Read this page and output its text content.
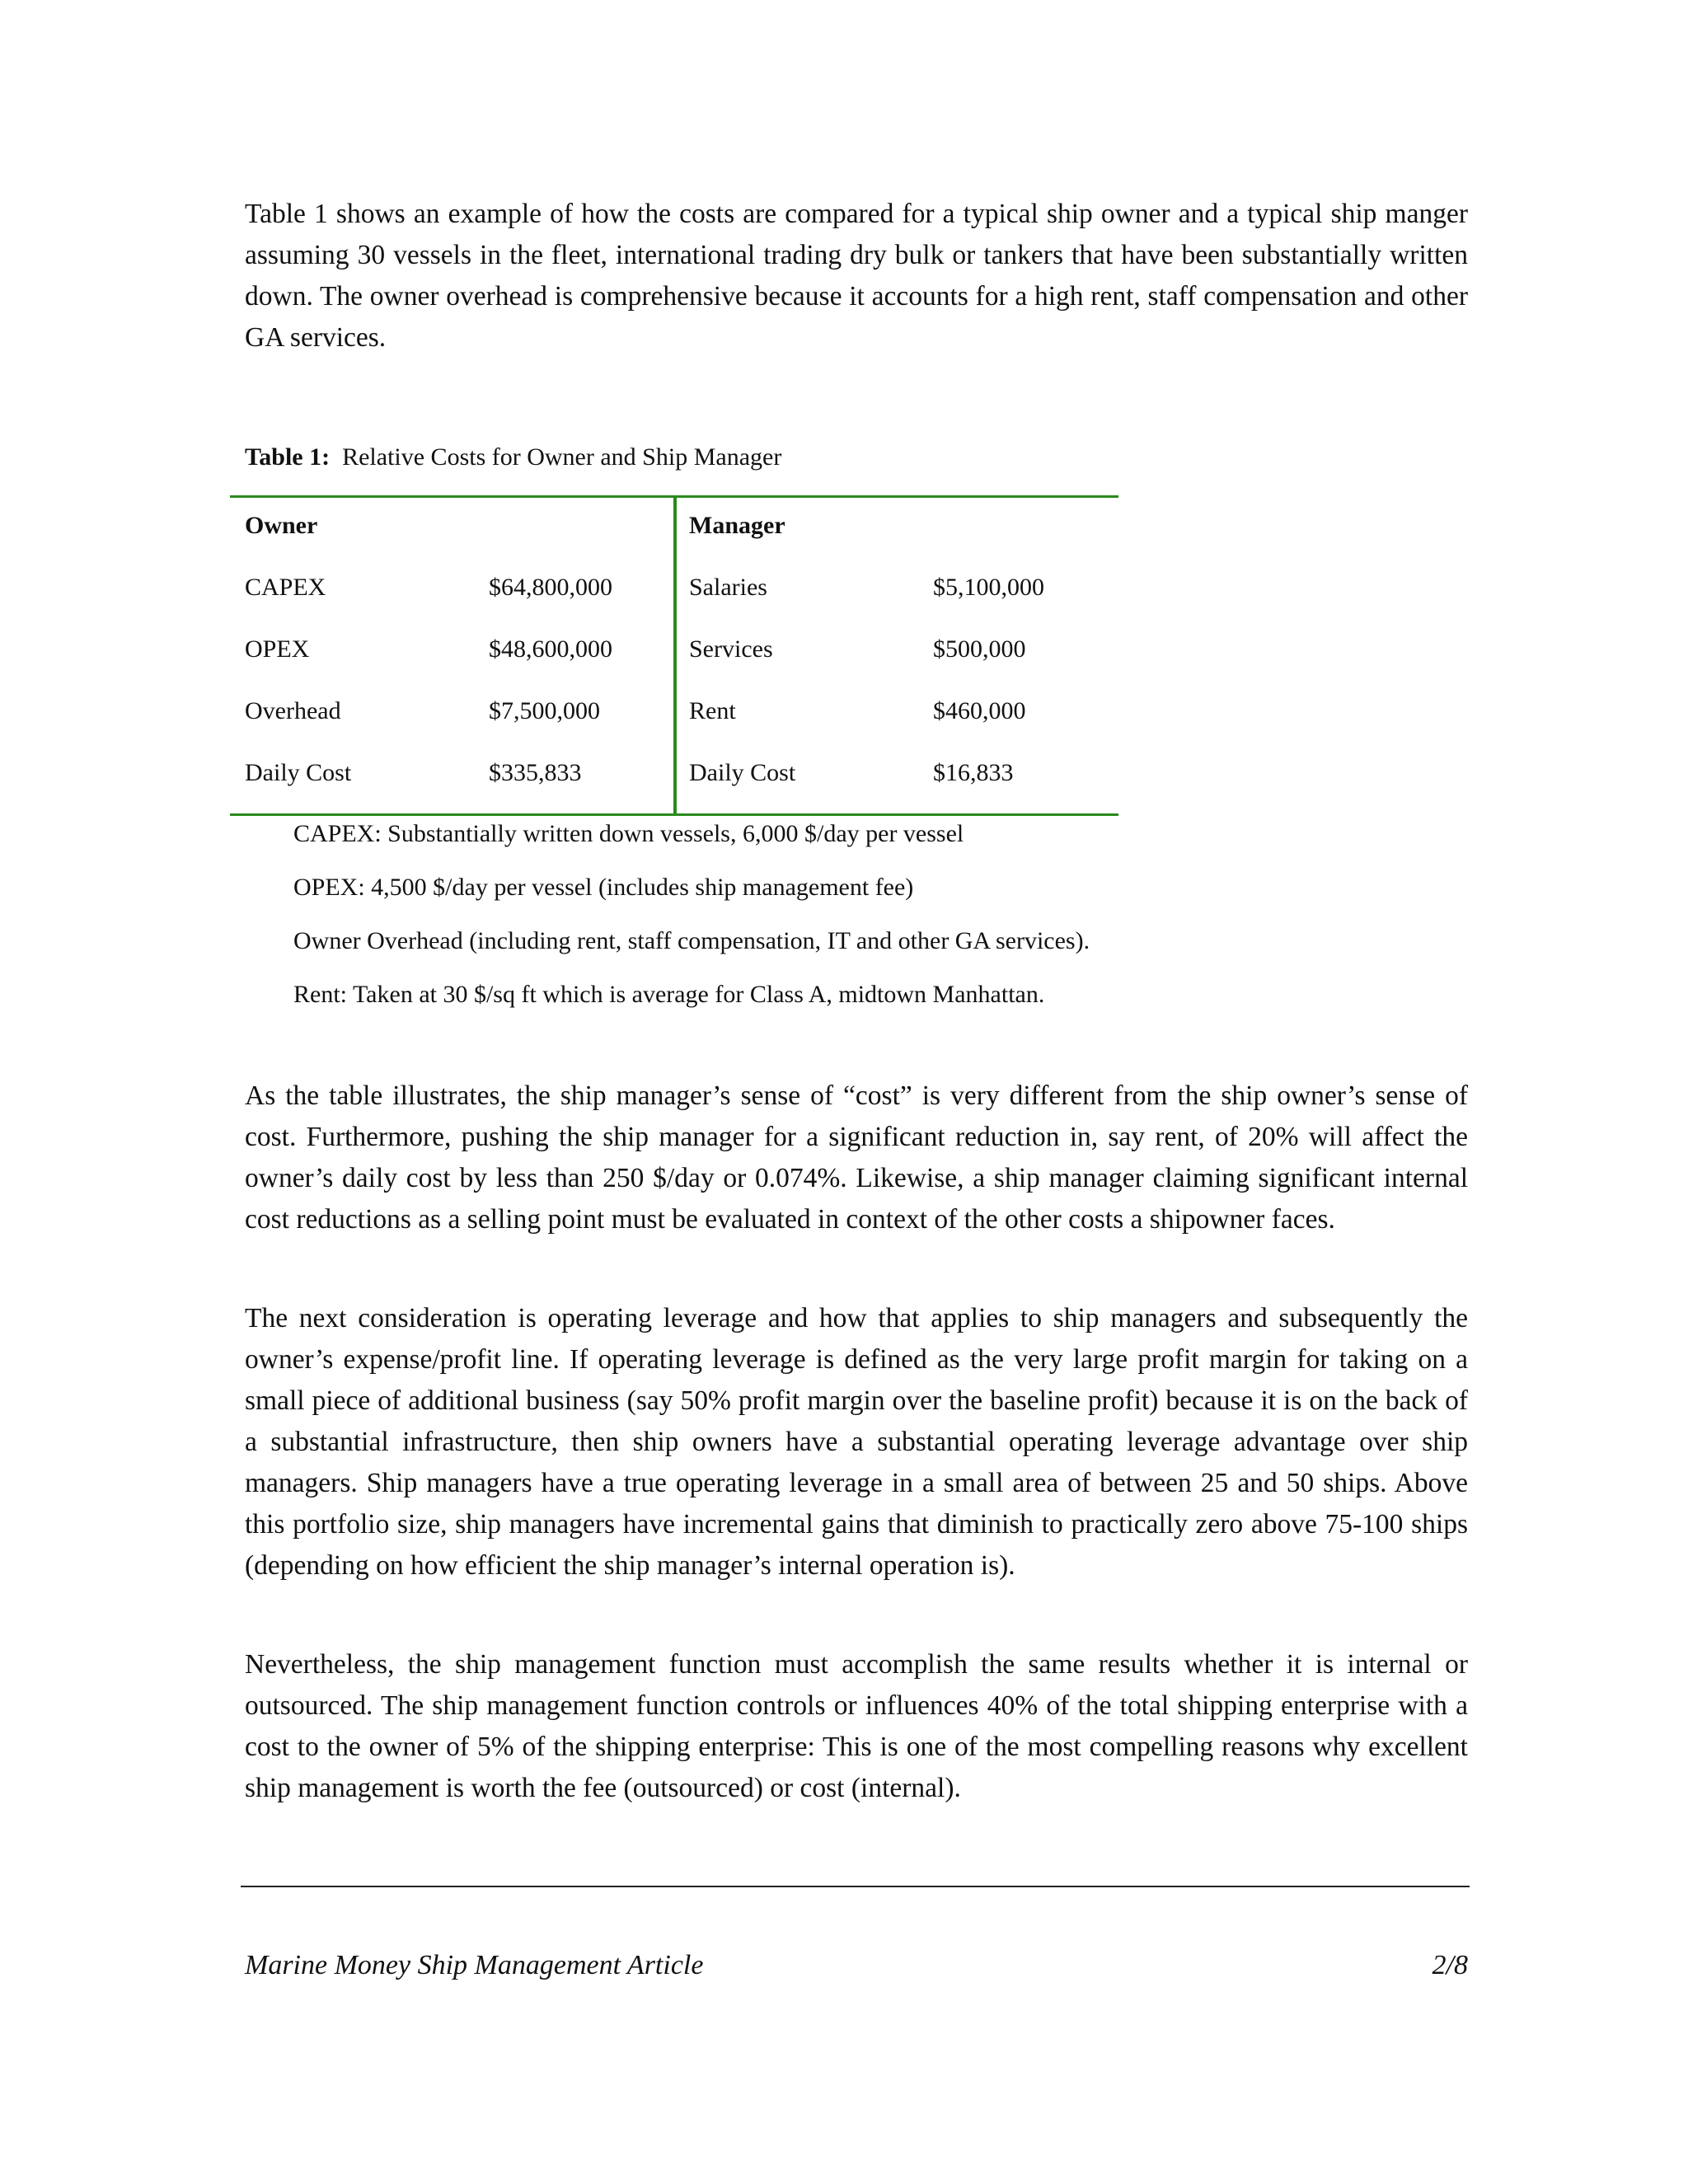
Table 1 shows an example of how the costs are compared for a typical ship owner and a typical ship manger assuming 30 vessels in the fleet, international trading dry bulk or tankers that have been substantially written down. The owner overhead is comprehensive because it accounts for a high rent, staff compensation and other GA services.

Table 1: Relative Costs for Owner and Ship Manager

Owner	Manager
CAPEX	$64,800,000	Salaries	$5,100,000
OPEX	$48,600,000	Services	$500,000
Overhead	$7,500,000	Rent	$460,000
Daily Cost	$335,833	Daily Cost	$16,833
CAPEX: Substantially written down vessels, 6,000 $/day per vessel
OPEX: 4,500 $/day per vessel (includes ship management fee)
Owner Overhead (including rent, staff compensation, IT and other GA services).
Rent: Taken at 30 $/sq ft which is average for Class A, midtown Manhattan.

As the table illustrates, the ship manager’s sense of “cost” is very different from the ship owner’s sense of cost. Furthermore, pushing the ship manager for a significant reduction in, say rent, of 20% will affect the owner’s daily cost by less than 250 $/day or 0.074%. Likewise, a ship manager claiming significant internal cost reductions as a selling point must be evaluated in context of the other costs a shipowner faces.

The next consideration is operating leverage and how that applies to ship managers and subsequently the owner’s expense/profit line. If operating leverage is defined as the very large profit margin for taking on a small piece of additional business (say 50% profit margin over the baseline profit) because it is on the back of a substantial infrastructure, then ship owners have a substantial operating leverage advantage over ship managers. Ship managers have a true operating leverage in a small area of between 25 and 50 ships. Above this portfolio size, ship managers have incremental gains that diminish to practically zero above 75-100 ships (depending on how efficient the ship manager’s internal operation is).

Nevertheless, the ship management function must accomplish the same results whether it is internal or outsourced. The ship management function controls or influences 40% of the total shipping enterprise with a cost to the owner of 5% of the shipping enterprise: This is one of the most compelling reasons why excellent ship management is worth the fee (outsourced) or cost (internal).

Marine Money Ship Management Article	2/8
